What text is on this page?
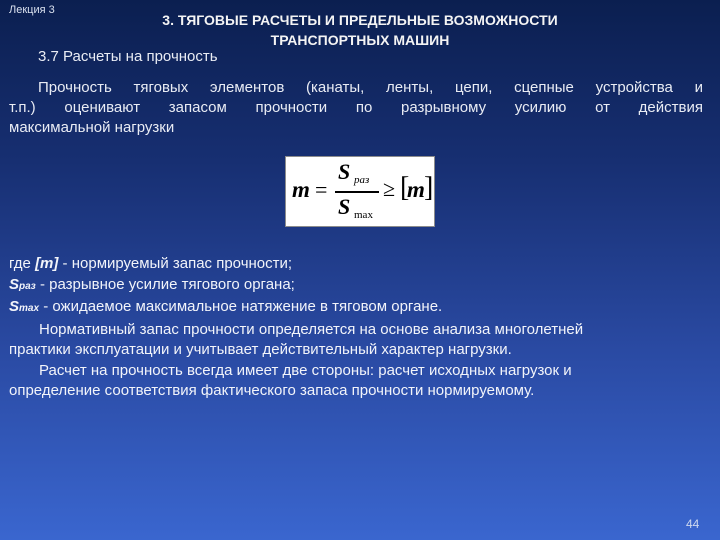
Лекция 3
3. ТЯГОВЫЕ РАСЧЕТЫ И ПРЕДЕЛЬНЫЕ ВОЗМОЖНОСТИ
ТРАНСПОРТНЫХ МАШИН
3.7 Расчеты на прочность
Прочность тяговых элементов (канаты, ленты, цепи, сцепные устройства и
т.п.) оценивают запасом прочности по разрывному усилию от действия
максимальной нагрузки
m =
S раз
S max
≥ [
m ]
где [m] - нормируемый запас прочности;
Sраз - разрывное усилие тягового органа;
Smax - ожидаемое максимальное натяжение в тяговом органе.
Нормативный запас прочности определяется на основе анализа многолетней
практики эксплуатации и учитывает действительный характер нагрузки.
Расчет на прочность всегда имеет две стороны: расчет исходных нагрузок и
определение соответствия фактического запаса прочности нормируемому.
44
